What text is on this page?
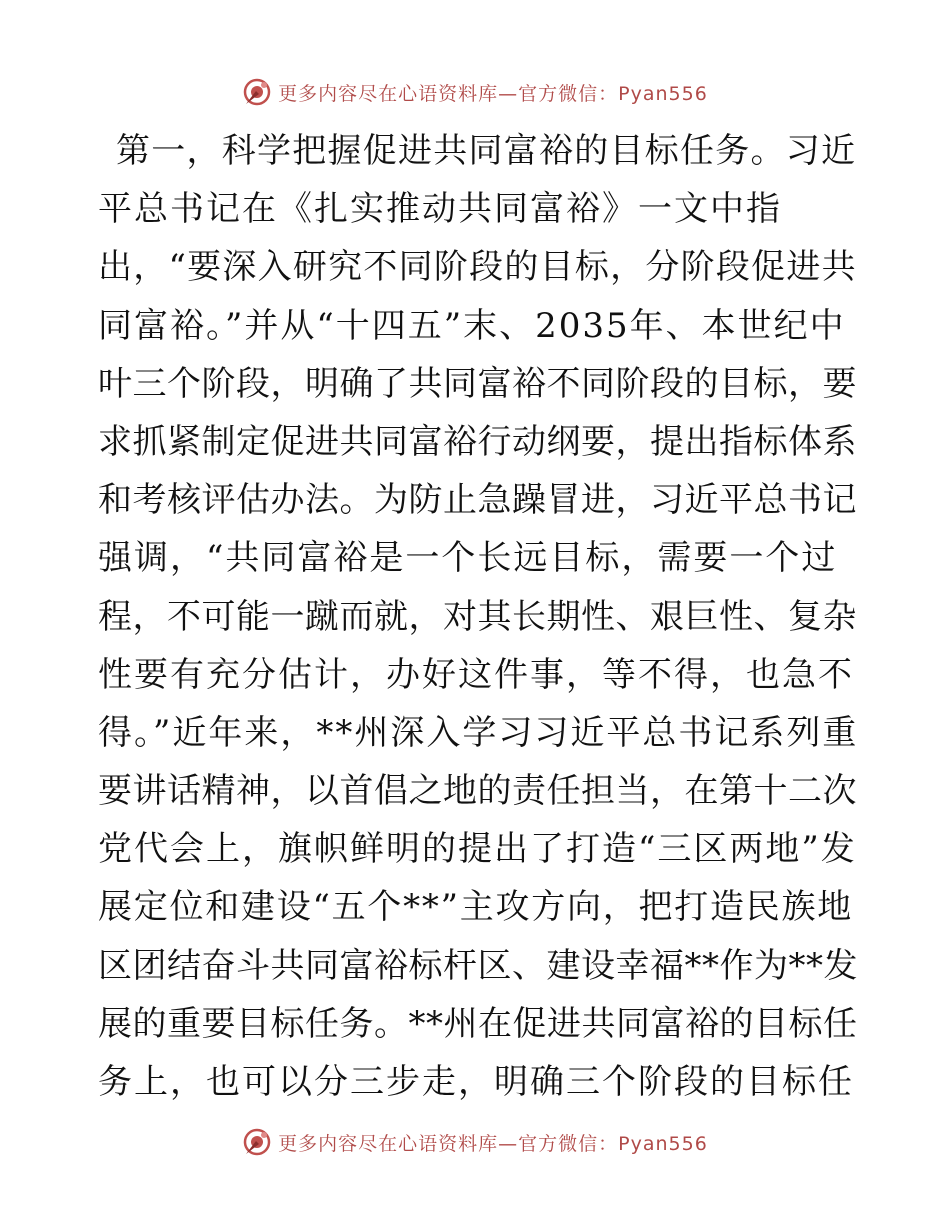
更多内容尽在心语资料库—官方微信：Pyan556
第一，科学把握促进共同富裕的目标任务。习近
平总书记在《扎实推动共同富裕》一文中指
出，“要深入研究不同阶段的目标，分阶段促进共
同富裕。”并从“十四五”末、2035年、本世纪中
叶三个阶段，明确了共同富裕不同阶段的目标，要
求抓紧制定促进共同富裕行动纲要，提出指标体系
和考核评估办法。为防止急躁冒进，习近平总书记
强调，“共同富裕是一个长远目标，需要一个过
程，不可能一蹴而就，对其长期性、艰巨性、复杂
性要有充分估计，办好这件事，等不得，也急不
得。”近年来，**州深入学习习近平总书记系列重
要讲话精神，以首倡之地的责任担当，在第十二次
党代会上，旗帜鲜明的提出了打造“三区两地”发
展定位和建设“五个**”主攻方向，把打造民族地
区团结奋斗共同富裕标杆区、建设幸福**作为**发
展的重要目标任务。**州在促进共同富裕的目标任
务上，也可以分三步走，明确三个阶段的目标任
更多内容尽在心语资料库—官方微信：Pyan556
